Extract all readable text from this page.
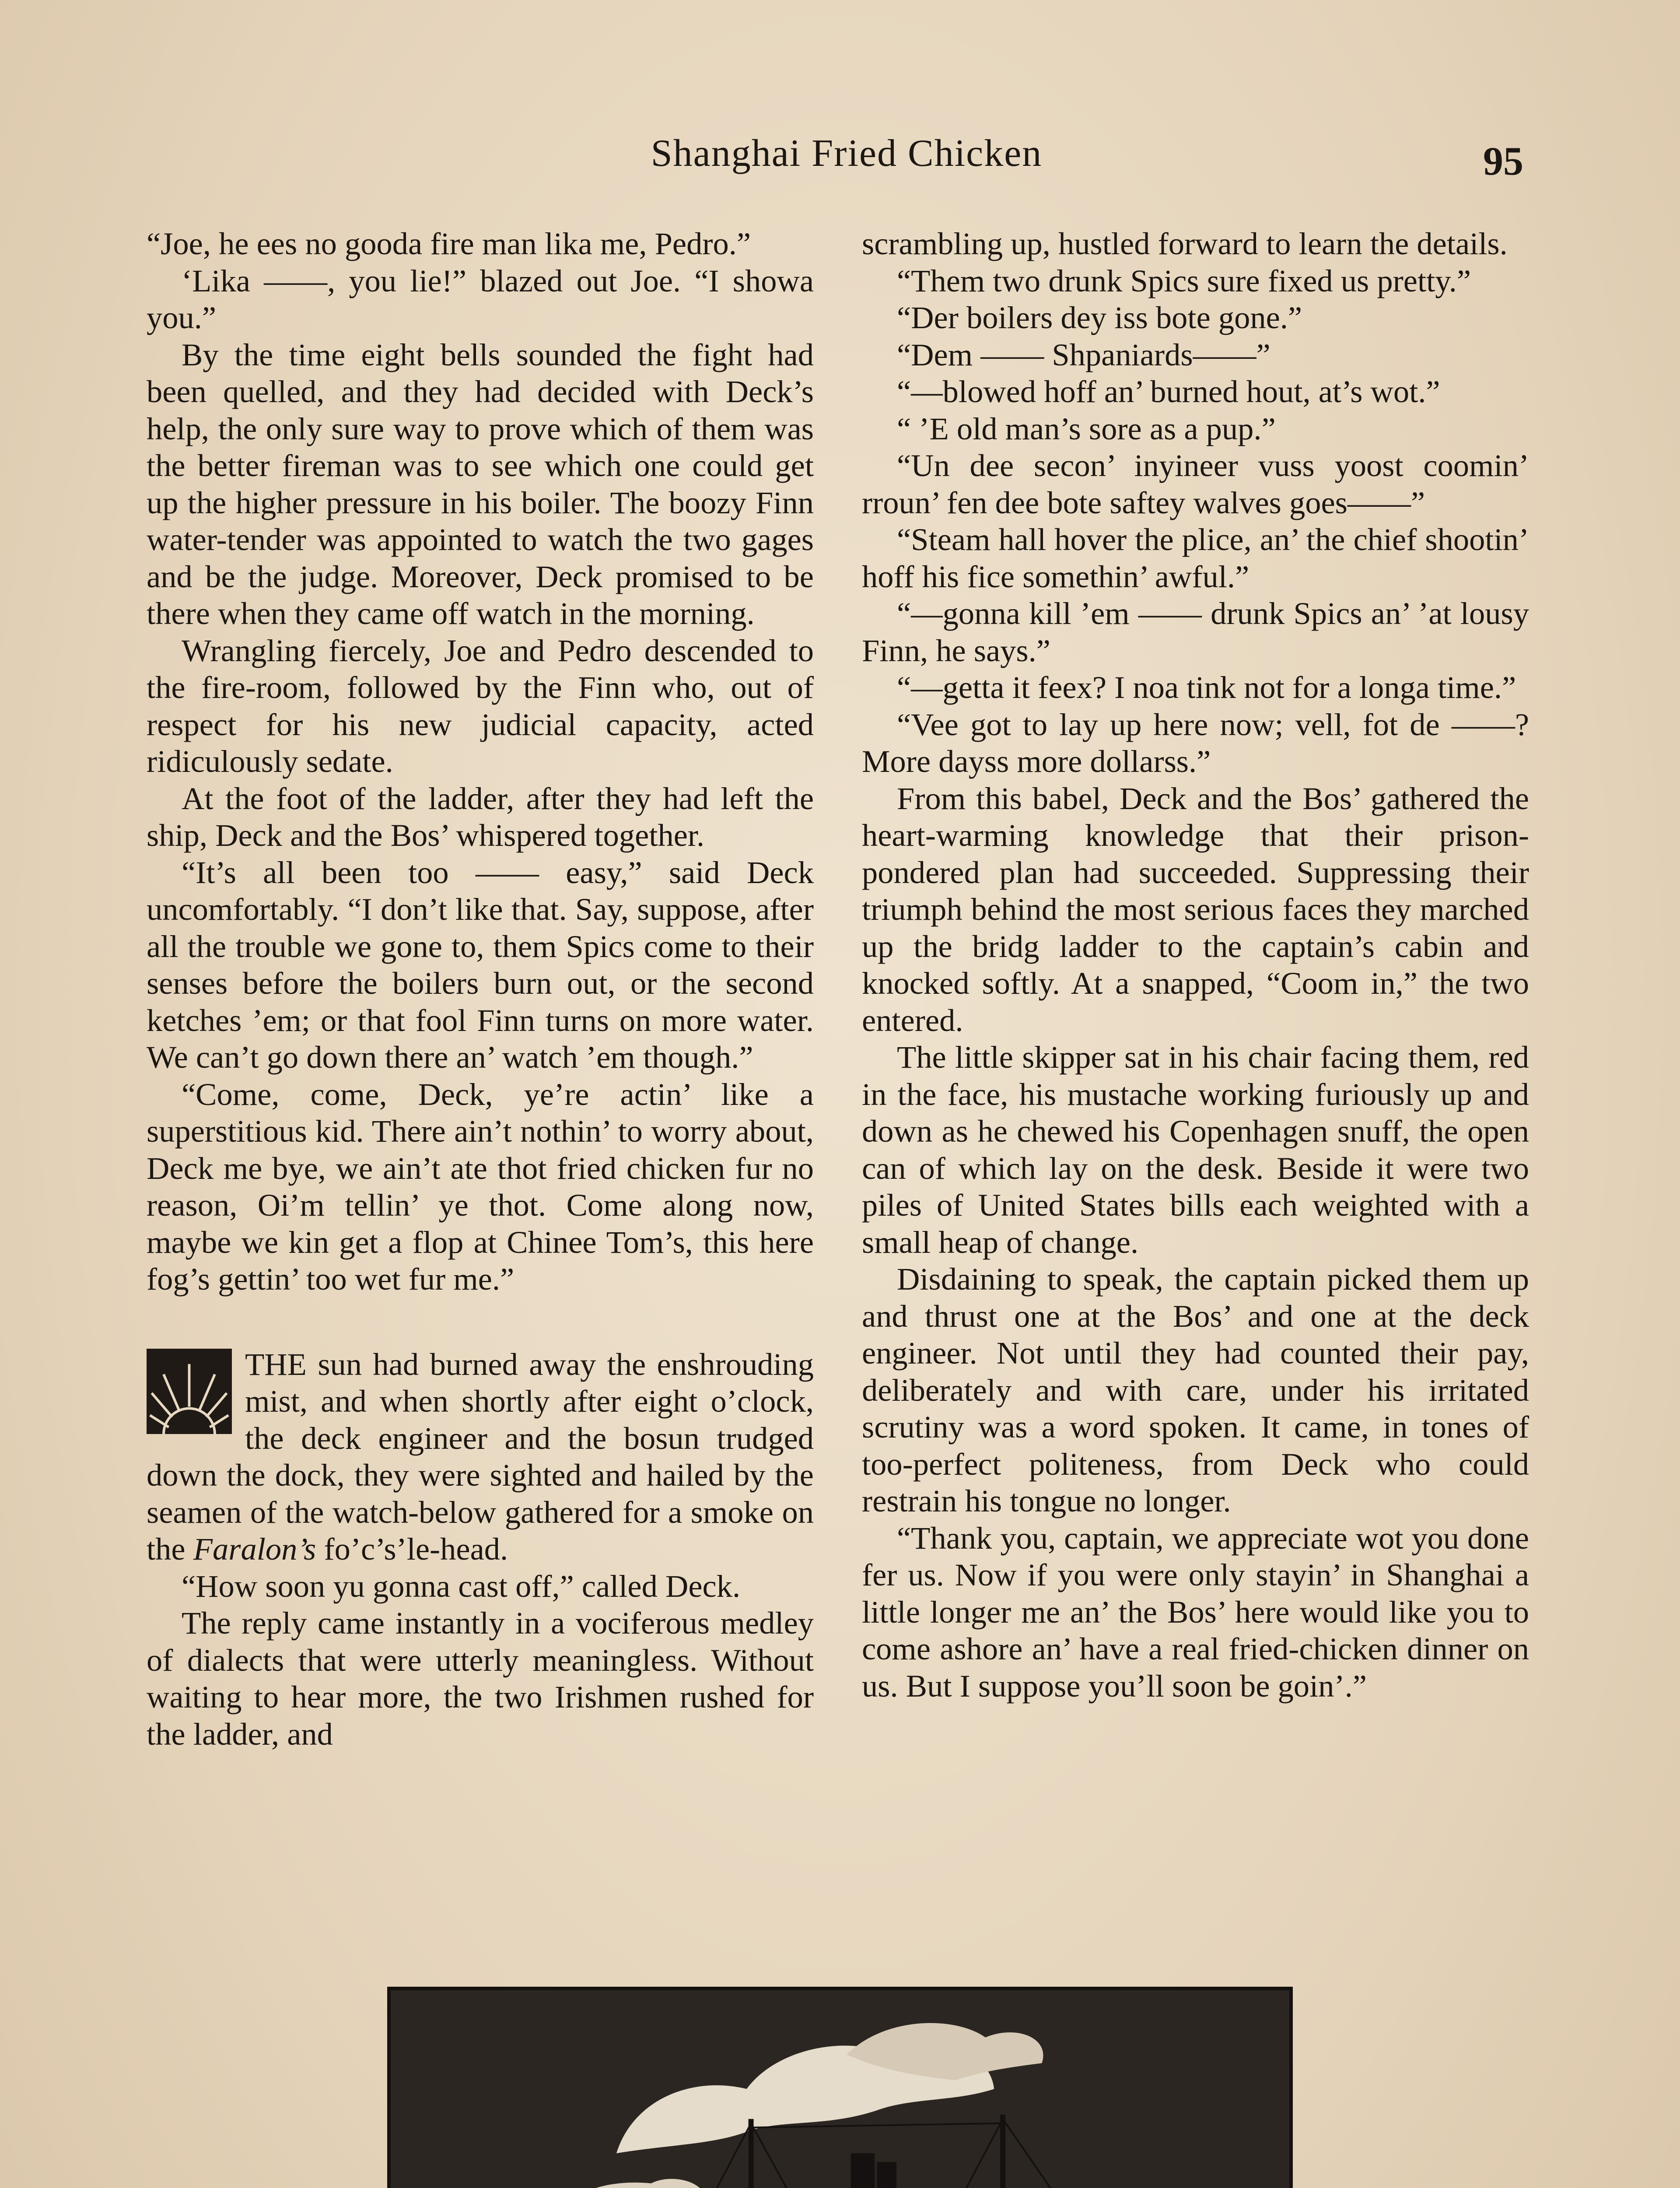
Shanghai Fried Chicken	95

“Joe, he ees no gooda fire man lika me, Pedro.”

‘Lika ——, you lie!” blazed out Joe. “I showa you.”

By the time eight bells sounded the fight had been quelled, and they had decided with Deck’s help, the only sure way to prove which of them was the better fireman was to see which one could get up the higher pressure in his boiler. The boozy Finn water-tender was appointed to watch the two gages and be the judge. Moreover, Deck promised to be there when they came off watch in the morning.

Wrangling fiercely, Joe and Pedro descended to the fire-room, followed by the Finn who, out of respect for his new judicial capacity, acted ridiculously sedate.

At the foot of the ladder, after they had left the ship, Deck and the Bos’ whispered together.

“It’s all been too —— easy,” said Deck uncomfortably. “I don’t like that. Say, suppose, after all the trouble we gone to, them Spics come to their senses before the boilers burn out, or the second ketches ’em; or that fool Finn turns on more water. We can’t go down there an’ watch ’em though.”

“Come, come, Deck, ye’re actin’ like a superstitious kid. There ain’t nothin’ to worry about, Deck me bye, we ain’t ate thot fried chicken fur no reason, Oi’m tellin’ ye thot. Come along now, maybe we kin get a flop at Chinee Tom’s, this here fog’s gettin’ too wet fur me.”

THE sun had burned away the enshrouding mist, and when shortly after eight o’clock, the deck engineer and the bosun trudged down the dock, they were sighted and hailed by the seamen of the watch-below gathered for a smoke on the Faralon’s fo’c’s’le-head.

“How soon yu gonna cast off,” called Deck.

The reply came instantly in a vociferous medley of dialects that were utterly meaningless. Without waiting to hear more, the two Irishmen rushed for the ladder, and

scrambling up, hustled forward to learn the details.

“Them two drunk Spics sure fixed us pretty.”

“Der boilers dey iss bote gone.”

“Dem —— Shpaniards——”

“—blowed hoff an’ burned hout, at’s wot.”

“ ’E old man’s sore as a pup.”

“Un dee secon’ inyineer vuss yoost coomin’ rroun’ fen dee bote saftey walves goes——”

“Steam hall hover the plice, an’ the chief shootin’ hoff his fice somethin’ awful.”

“—gonna kill ’em —— drunk Spics an’ ’at lousy Finn, he says.”

“—getta it feex? I noa tink not for a longa time.”

“Vee got to lay up here now; vell, fot de ——? More dayss more dollarss.”

From this babel, Deck and the Bos’ gathered the heart-warming knowledge that their prison-pondered plan had succeeded. Suppressing their triumph behind the most serious faces they marched up the bridg ladder to the captain’s cabin and knocked softly. At a snapped, “Coom in,” the two entered.

The little skipper sat in his chair facing them, red in the face, his mustache working furiously up and down as he chewed his Copenhagen snuff, the open can of which lay on the desk. Beside it were two piles of United States bills each weighted with a small heap of change.

Disdaining to speak, the captain picked them up and thrust one at the Bos’ and one at the deck engineer. Not until they had counted their pay, deliberately and with care, under his irritated scrutiny was a word spoken. It came, in tones of too-perfect politeness, from Deck who could restrain his tongue no longer.

“Thank you, captain, we appreciate wot you done fer us. Now if you were only stayin’ in Shanghai a little longer me an’ the Bos’ here would like you to come ashore an’ have a real fried-chicken dinner on us. But I suppose you’ll soon be goin’.”
